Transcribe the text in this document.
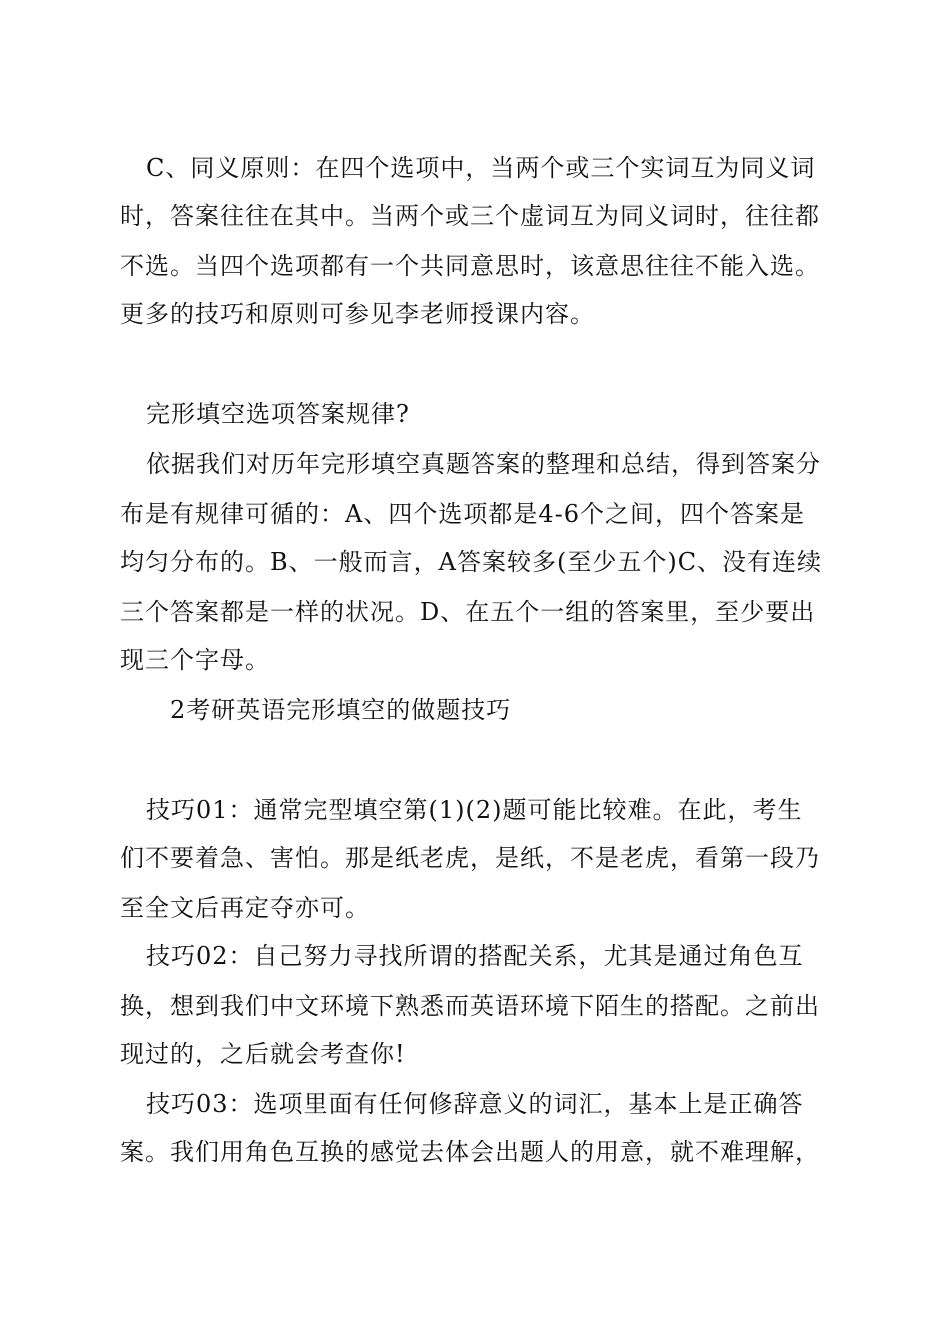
C、同义原则：在四个选项中，当两个或三个实词互为同义词
时，答案往往在其中。当两个或三个虚词互为同义词时，往往都
不选。当四个选项都有一个共同意思时，该意思往往不能入选。
更多的技巧和原则可参见李老师授课内容。
完形填空选项答案规律?
依据我们对历年完形填空真题答案的整理和总结，得到答案分
布是有规律可循的：A、四个选项都是4-6个之间，四个答案是
均匀分布的。B、一般而言，A答案较多(至少五个)C、没有连续
三个答案都是一样的状况。D、在五个一组的答案里，至少要出
现三个字母。
2考研英语完形填空的做题技巧
技巧01：通常完型填空第(1)(2)题可能比较难。在此，考生
们不要着急、害怕。那是纸老虎，是纸，不是老虎，看第一段乃
至全文后再定夺亦可。
技巧02：自己努力寻找所谓的搭配关系，尤其是通过角色互
换，想到我们中文环境下熟悉而英语环境下陌生的搭配。之前出
现过的，之后就会考查你!
技巧03：选项里面有任何修辞意义的词汇，基本上是正确答
案。我们用角色互换的感觉去体会出题人的用意，就不难理解，
